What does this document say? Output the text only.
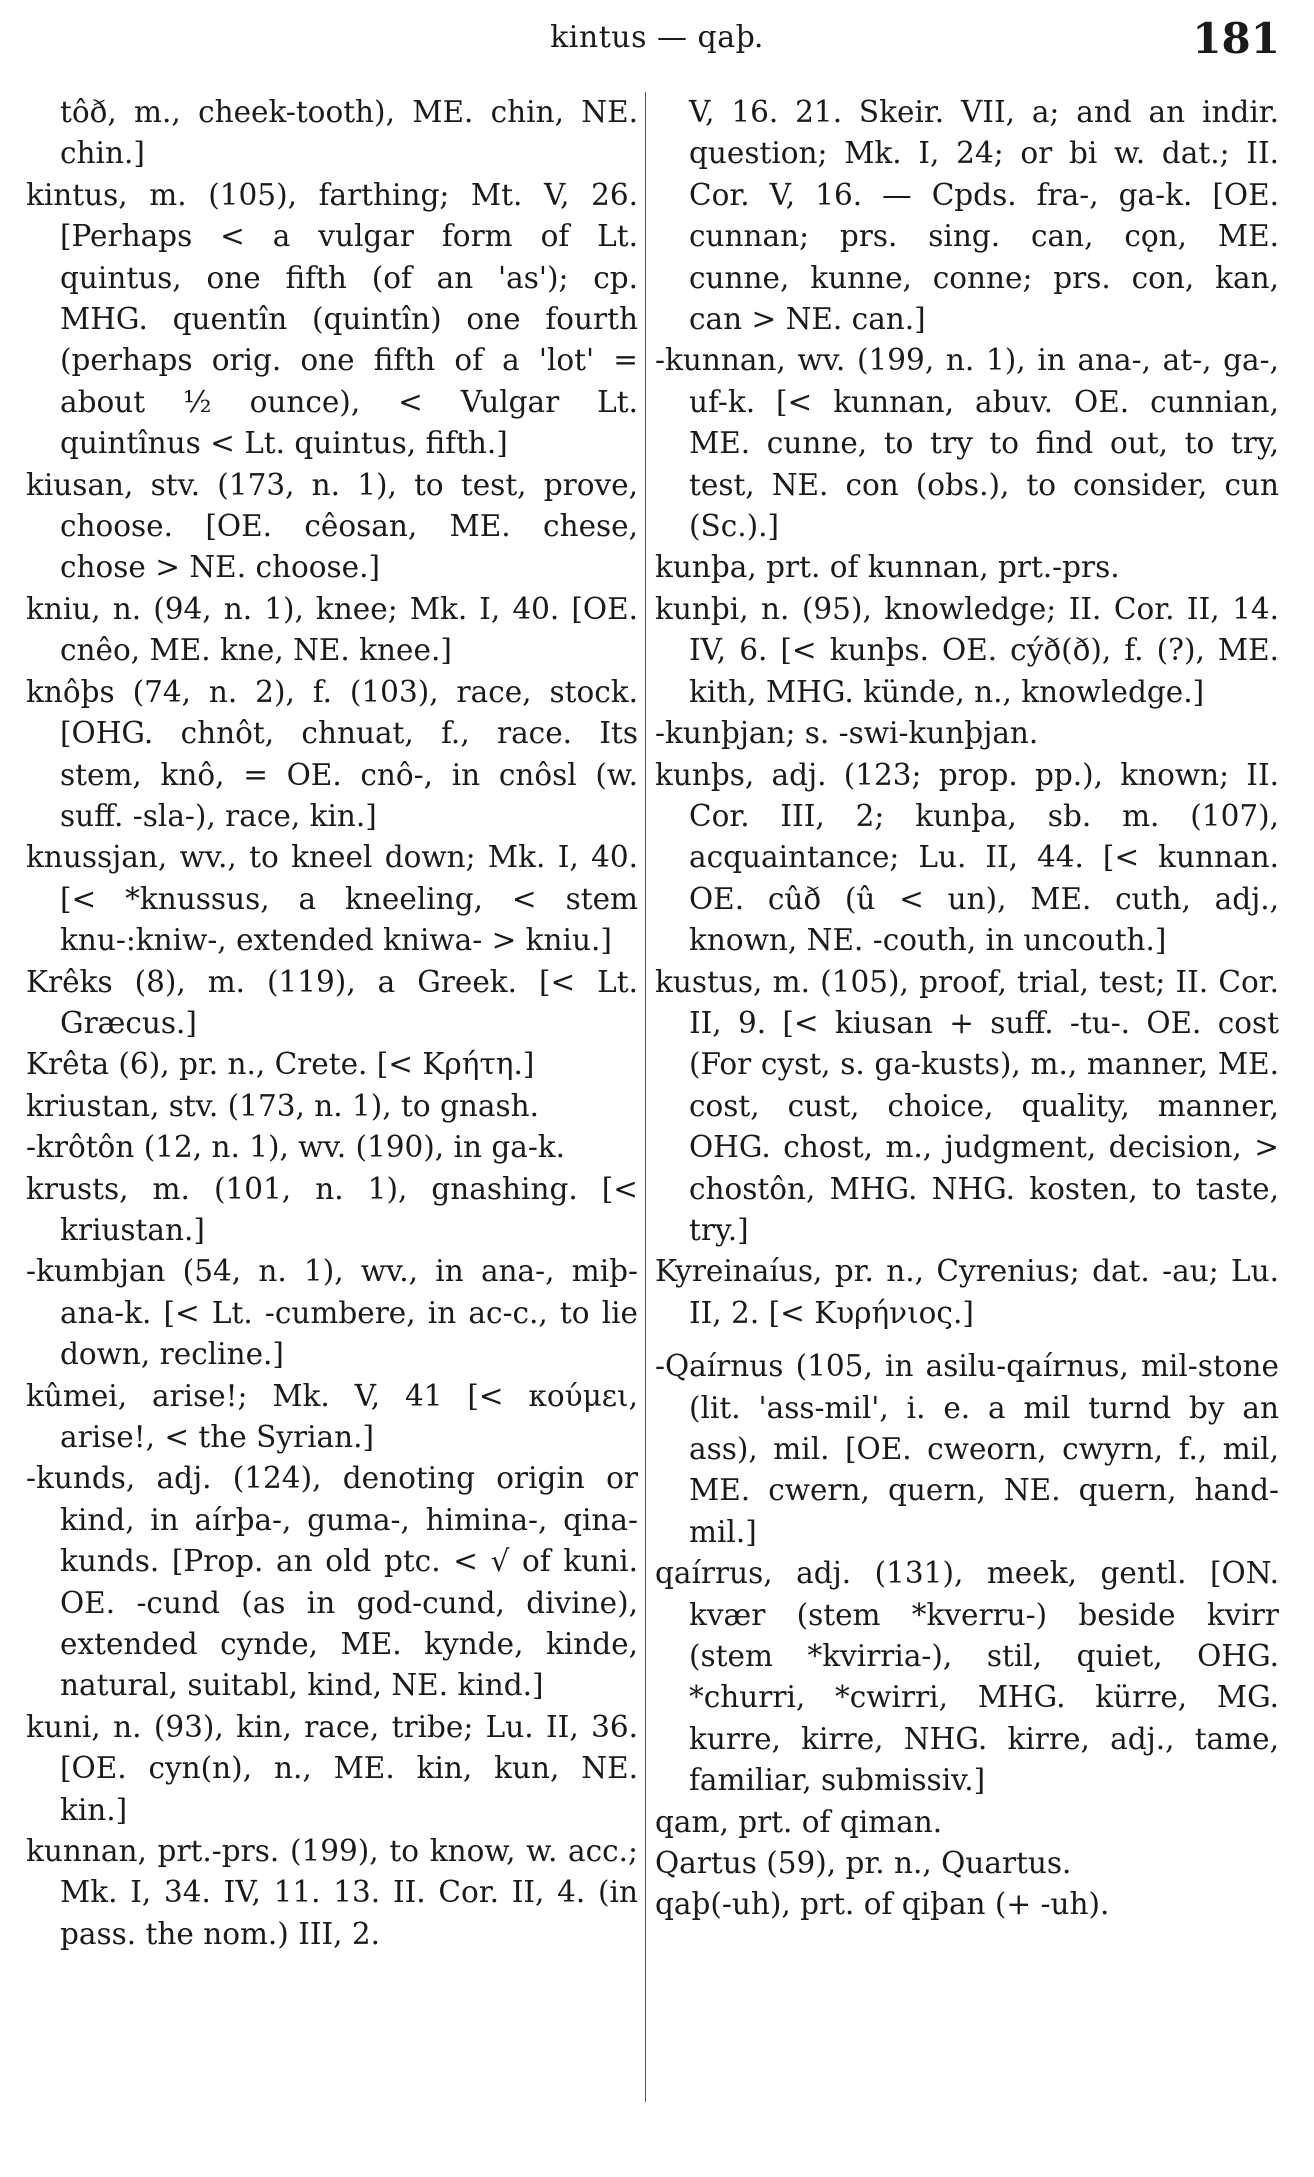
kintus — qaþ.	181

tôð, m., cheek-tooth), ME. chin, NE. chin.]

kintus, m. (105), farthing; Mt. V, 26. [Perhaps < a vulgar form of Lt. quintus, one fifth (of an 'as'); cp. MHG. quentîn (quintîn) one fourth (perhaps orig. one fifth of a 'lot' = about ½ ounce), < Vulgar Lt. quintînus < Lt. quintus, fifth.]

kiusan, stv. (173, n. 1), to test, prove, choose. [OE. cêosan, ME. chese, chose > NE. choose.]

kniu, n. (94, n. 1), knee; Mk. I, 40. [OE. cnêo, ME. kne, NE. knee.]

knôþs (74, n. 2), f. (103), race, stock. [OHG. chnôt, chnuat, f., race. Its stem, knô, = OE. cnô-, in cnôsl (w. suff. -sla-), race, kin.]

knussjan, wv., to kneel down; Mk. I, 40. [< *knussus, a kneeling, < stem knu-:kniw-, extended kniwa- > kniu.]

Krêks (8), m. (119), a Greek. [< Lt. Græcus.]

Krêta (6), pr. n., Crete. [< Κρήτη.]

kriustan, stv. (173, n. 1), to gnash.

-krôtôn (12, n. 1), wv. (190), in ga-k.

krusts, m. (101, n. 1), gnashing. [< kriustan.]

-kumbjan (54, n. 1), wv., in ana-, miþ-ana-k. [< Lt. -cumbere, in ac-c., to lie down, recline.]

kûmei, arise!; Mk. V, 41 [< κούμει, arise!, < the Syrian.]

-kunds, adj. (124), denoting origin or kind, in aírþa-, guma-, himina-, qina-kunds. [Prop. an old ptc. < √ of kuni. OE. -cund (as in god-cund, divine), extended cynde, ME. kynde, kinde, natural, suitabl, kind, NE. kind.]

kuni, n. (93), kin, race, tribe; Lu. II, 36. [OE. cyn(n), n., ME. kin, kun, NE. kin.]

kunnan, prt.-prs. (199), to know, w. acc.; Mk. I, 34. IV, 11. 13. II. Cor. II, 4. (in pass. the nom.) III, 2.

V, 16. 21. Skeir. VII, a; and an indir. question; Mk. I, 24; or bi w. dat.; II. Cor. V, 16. — Cpds. fra-, ga-k. [OE. cunnan; prs. sing. can, cǫn, ME. cunne, kunne, conne; prs. con, kan, can > NE. can.]

-kunnan, wv. (199, n. 1), in ana-, at-, ga-, uf-k. [< kunnan, abuv. OE. cunnian, ME. cunne, to try to find out, to try, test, NE. con (obs.), to consider, cun (Sc.).]

kunþa, prt. of kunnan, prt.-prs.

kunþi, n. (95), knowledge; II. Cor. II, 14. IV, 6. [< kunþs. OE. cýð(ð), f. (?), ME. kith, MHG. künde, n., knowledge.]

-kunþjan; s. -swi-kunþjan.

kunþs, adj. (123; prop. pp.), known; II. Cor. III, 2; kunþa, sb. m. (107), acquaintance; Lu. II, 44. [< kunnan. OE. cûð (û < un), ME. cuth, adj., known, NE. -couth, in uncouth.]

kustus, m. (105), proof, trial, test; II. Cor. II, 9. [< kiusan + suff. -tu-. OE. cost (For cyst, s. ga-kusts), m., manner, ME. cost, cust, choice, quality, manner, OHG. chost, m., judgment, decision, > chostôn, MHG. NHG. kosten, to taste, try.]

Kyreinaíus, pr. n., Cyrenius; dat. -au; Lu. II, 2. [< Κυρήνιος.]

-Qaírnus (105, in asilu-qaírnus, mil-stone (lit. 'ass-mil', i. e. a mil turnd by an ass), mil. [OE. cweorn, cwyrn, f., mil, ME. cwern, quern, NE. quern, hand-mil.]

qaírrus, adj. (131), meek, gentl. [ON. kvær (stem *kverru-) beside kvirr (stem *kvirria-), stil, quiet, OHG. *churri, *cwirri, MHG. kürre, MG. kurre, kirre, NHG. kirre, adj., tame, familiar, submissiv.]

qam, prt. of qiman.

Qartus (59), pr. n., Quartus.

qaþ(-uh), prt. of qiþan (+ -uh).
